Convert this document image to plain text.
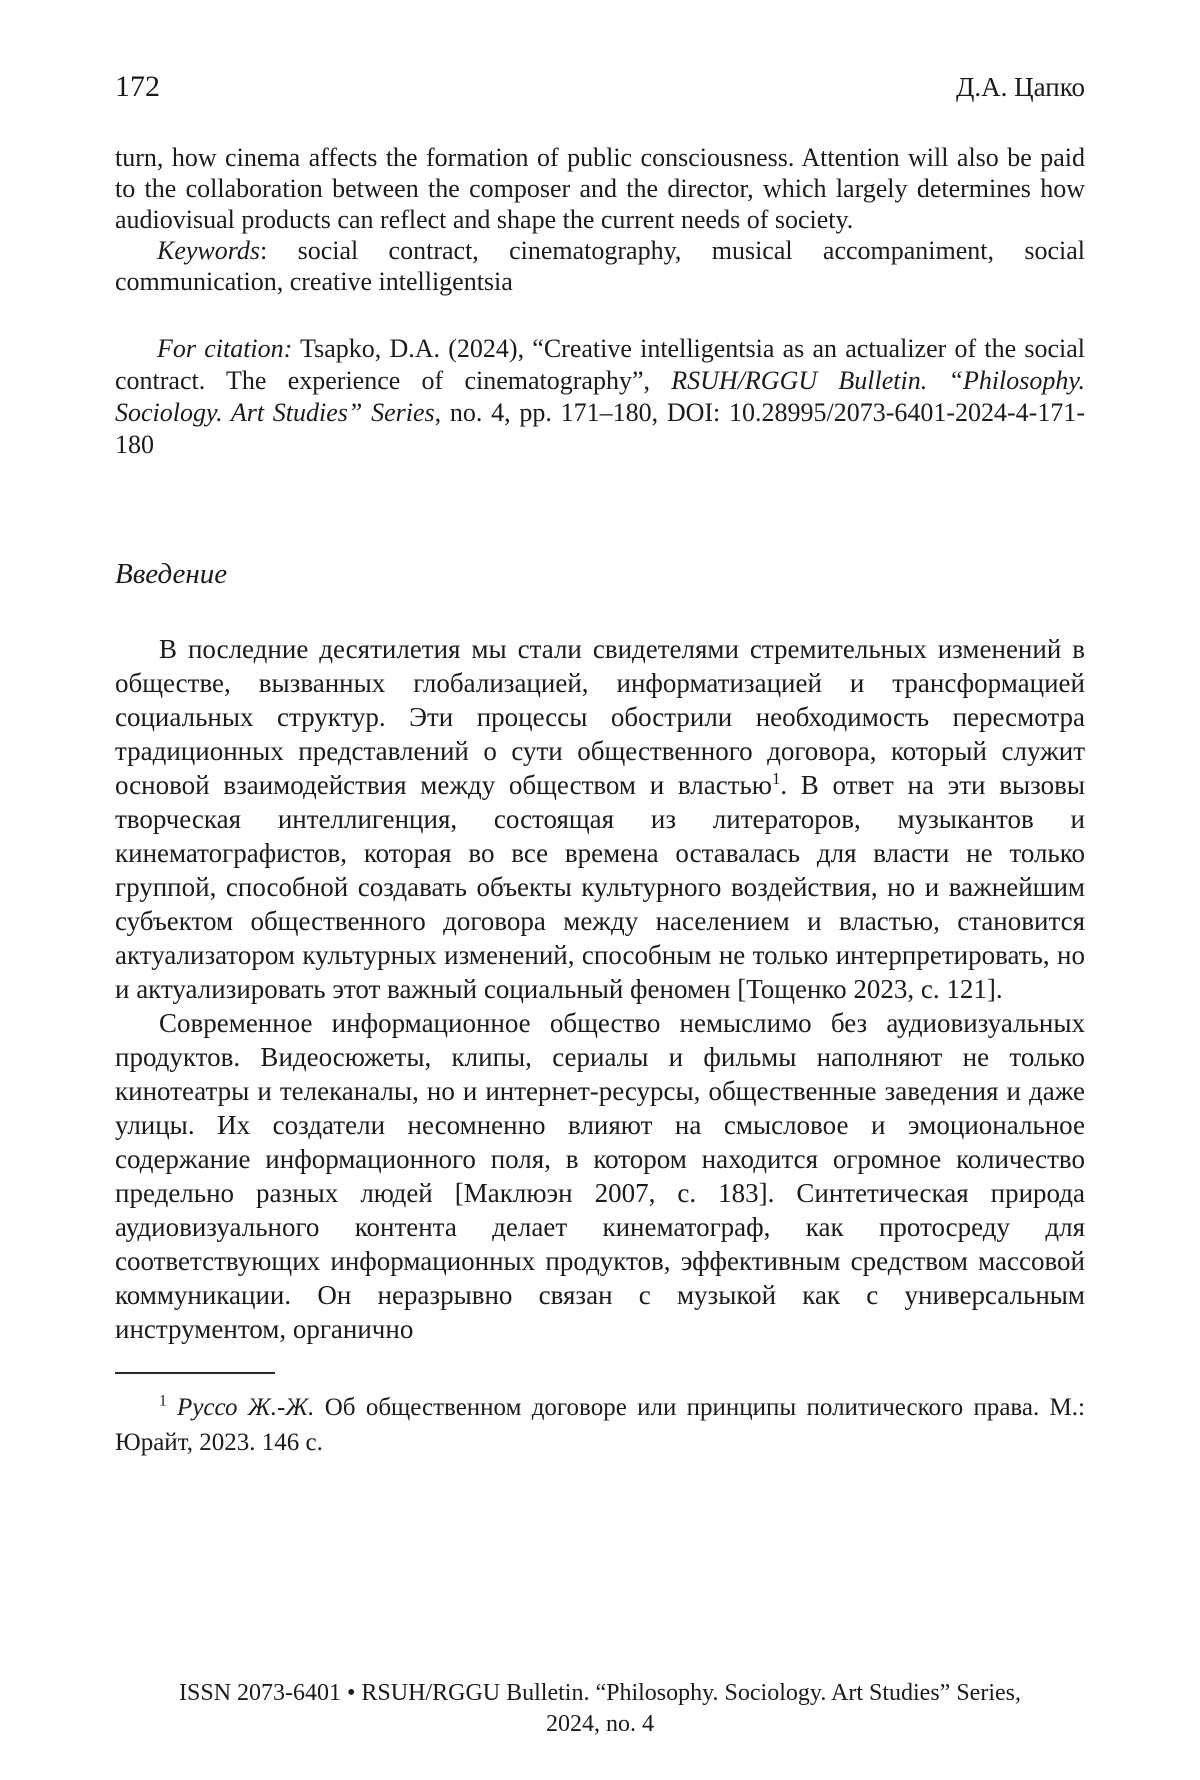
172	Д.А. Цапко

turn, how cinema affects the formation of public consciousness. Attention will also be paid to the collaboration between the composer and the director, which largely determines how audiovisual products can reflect and shape the current needs of society.

Keywords: social contract, cinematography, musical accompaniment, social communication, creative intelligentsia

For citation: Tsapko, D.A. (2024), “Creative intelligentsia as an actualizer of the social contract. The experience of cinematography”, RSUH/RGGU Bulletin. “Philosophy. Sociology. Art Studies” Series, no. 4, pp. 171–180, DOI: 10.28995/2073-6401-2024-4-171-180

Введение

В последние десятилетия мы стали свидетелями стремительных изменений в обществе, вызванных глобализацией, информатизацией и трансформацией социальных структур. Эти процессы обострили необходимость пересмотра традиционных представлений о сути общественного договора, который служит основой взаимодействия между обществом и властью$^1$. В ответ на эти вызовы творческая интеллигенция, состоящая из литераторов, музыкантов и кинематографистов, которая во все времена оставалась для власти не только группой, способной создавать объекты культурного воздействия, но и важнейшим субъектом общественного договора между населением и властью, становится актуализатором культурных изменений, способным не только интерпретировать, но и актуализировать этот важный социальный феномен [Тощенко 2023, с. 121].

Современное информационное общество немыслимо без аудиовизуальных продуктов. Видеосюжеты, клипы, сериалы и фильмы наполняют не только кинотеатры и телеканалы, но и интернет-ресурсы, общественные заведения и даже улицы. Их создатели несомненно влияют на смысловое и эмоциональное содержание информационного поля, в котором находится огромное количество предельно разных людей [Маклюэн 2007, с. 183]. Синтетическая природа аудиовизуального контента делает кинематограф, как протосреду для соответствующих информационных продуктов, эффективным средством массовой коммуникации. Он неразрывно связан с музыкой как с универсальным инструментом, органично

$^1$ Руссо Ж.-Ж. Об общественном договоре или принципы политического права. М.: Юрайт, 2023. 146 с.

ISSN 2073-6401 • RSUH/RGGU Bulletin. “Philosophy. Sociology. Art Studies” Series,
2024, no. 4
